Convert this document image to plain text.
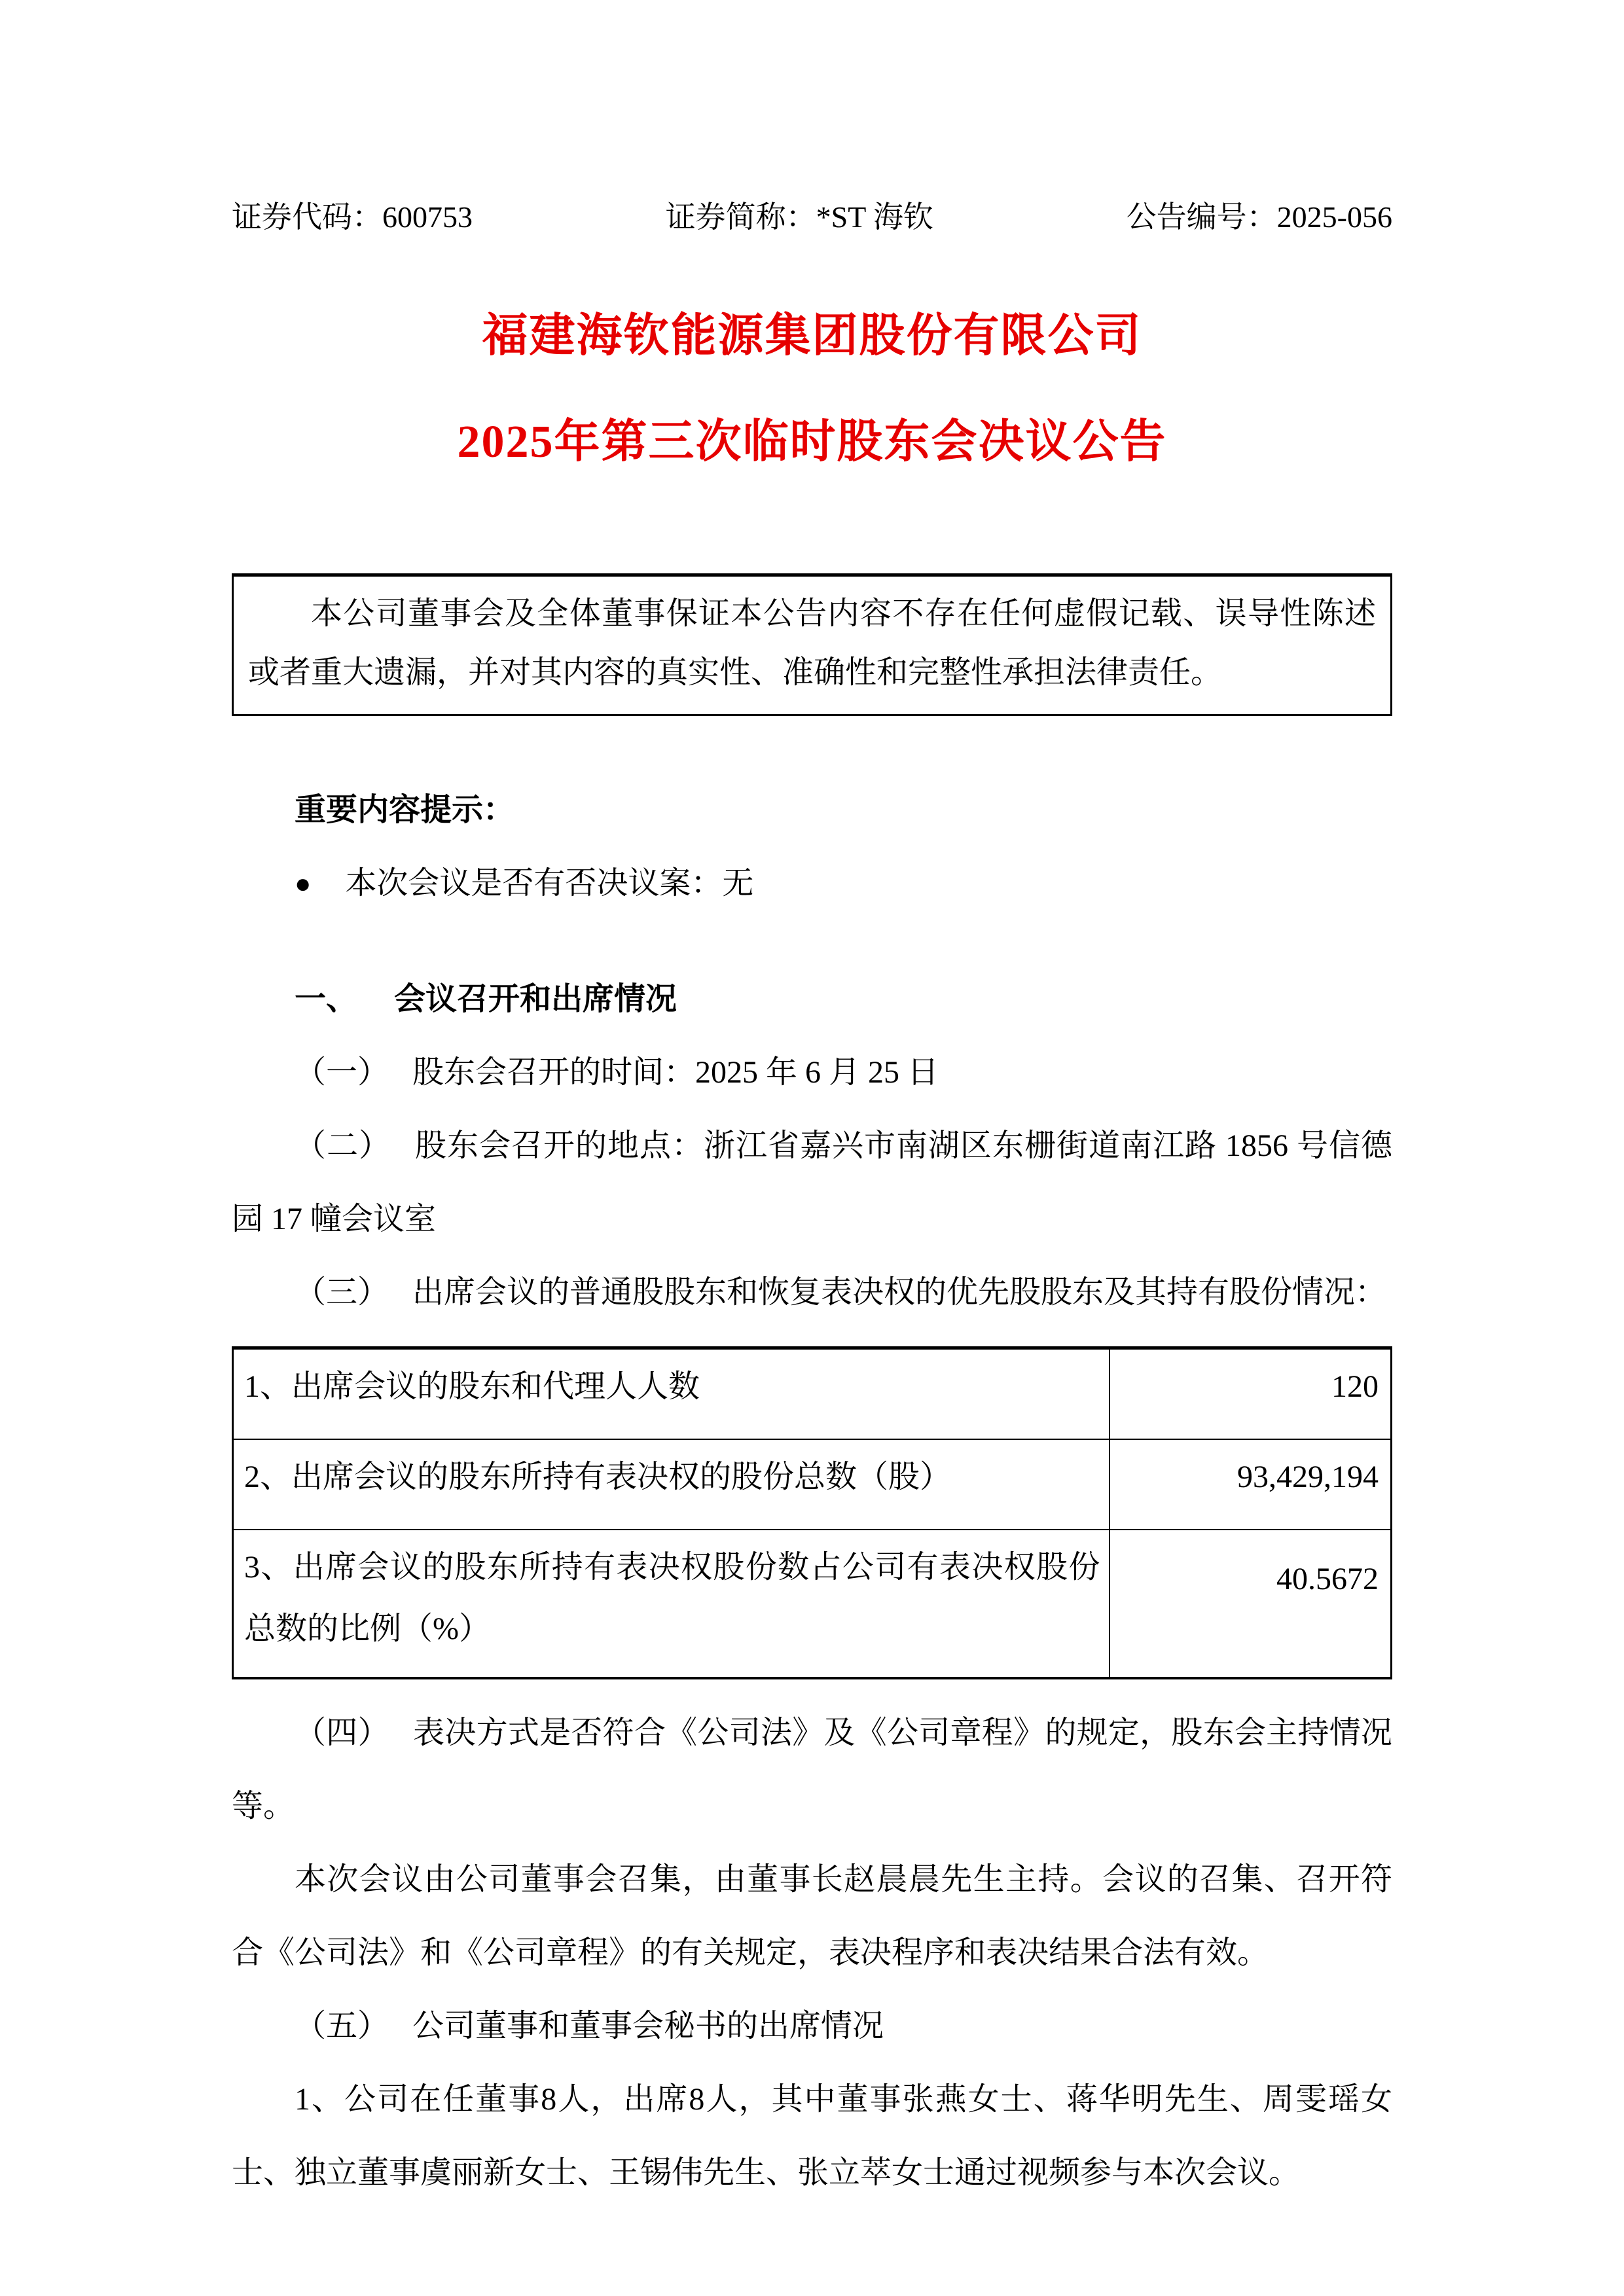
证券代码：600753	证券简称：*ST 海钦	公告编号：2025-056
福建海钦能源集团股份有限公司
2025年第三次临时股东会决议公告

本公司董事会及全体董事保证本公告内容不存在任何虚假记载、误导性陈述或者重大遗漏，并对其内容的真实性、准确性和完整性承担法律责任。

重要内容提示：

● 本次会议是否有否决议案：无

一、 会议召开和出席情况

（一） 股东会召开的时间：2025 年 6 月 25 日

（二） 股东会召开的地点：浙江省嘉兴市南湖区东栅街道南江路 1856 号信德园 17 幢会议室

（三） 出席会议的普通股股东和恢复表决权的优先股股东及其持有股份情况：

1、出席会议的股东和代理人人数	120
2、出席会议的股东所持有表决权的股份总数（股）	93,429,194
3、出席会议的股东所持有表决权股份数占公司有表决权股份总数的比例（%）	40.5672

（四） 表决方式是否符合《公司法》及《公司章程》的规定，股东会主持情况等。

本次会议由公司董事会召集，由董事长赵晨晨先生主持。会议的召集、召开符合《公司法》和《公司章程》的有关规定，表决程序和表决结果合法有效。

（五） 公司董事和董事会秘书的出席情况

1、公司在任董事8人，出席8人，其中董事张燕女士、蒋华明先生、周雯瑶女士、独立董事虞丽新女士、王锡伟先生、张立萃女士通过视频参与本次会议。
